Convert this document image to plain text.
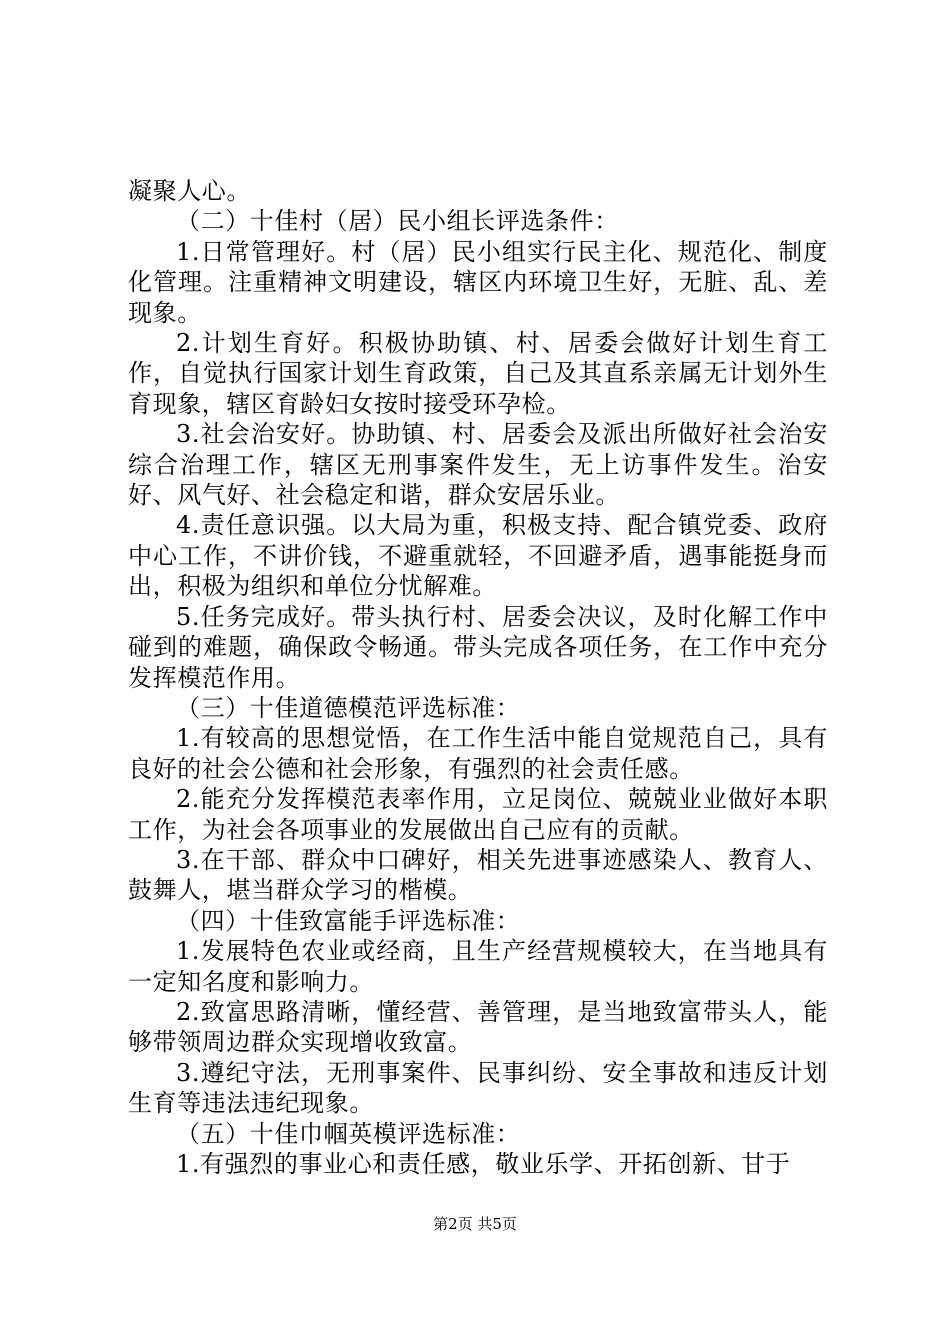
凝聚人心。

（二）十佳村（居）民小组长评选条件：

1.日常管理好。村（居）民小组实行民主化、规范化、制度化管理。注重精神文明建设，辖区内环境卫生好，无脏、乱、差现象。

2.计划生育好。积极协助镇、村、居委会做好计划生育工作，自觉执行国家计划生育政策，自己及其直系亲属无计划外生育现象，辖区育龄妇女按时接受环孕检。

3.社会治安好。协助镇、村、居委会及派出所做好社会治安综合治理工作，辖区无刑事案件发生，无上访事件发生。治安好、风气好、社会稳定和谐，群众安居乐业。

4.责任意识强。以大局为重，积极支持、配合镇党委、政府中心工作，不讲价钱，不避重就轻，不回避矛盾，遇事能挺身而出，积极为组织和单位分忧解难。

5.任务完成好。带头执行村、居委会决议，及时化解工作中碰到的难题，确保政令畅通。带头完成各项任务，在工作中充分发挥模范作用。

（三）十佳道德模范评选标准：

1.有较高的思想觉悟，在工作生活中能自觉规范自己，具有良好的社会公德和社会形象，有强烈的社会责任感。

2.能充分发挥模范表率作用，立足岗位、兢兢业业做好本职工作，为社会各项事业的发展做出自己应有的贡献。

3.在干部、群众中口碑好，相关先进事迹感染人、教育人、鼓舞人，堪当群众学习的楷模。

（四）十佳致富能手评选标准：

1.发展特色农业或经商，且生产经营规模较大，在当地具有一定知名度和影响力。

2.致富思路清晰，懂经营、善管理，是当地致富带头人，能够带领周边群众实现增收致富。

3.遵纪守法，无刑事案件、民事纠纷、安全事故和违反计划生育等违法违纪现象。

（五）十佳巾帼英模评选标准：

1.有强烈的事业心和责任感，敬业乐学、开拓创新、甘于

第2页 共5页
